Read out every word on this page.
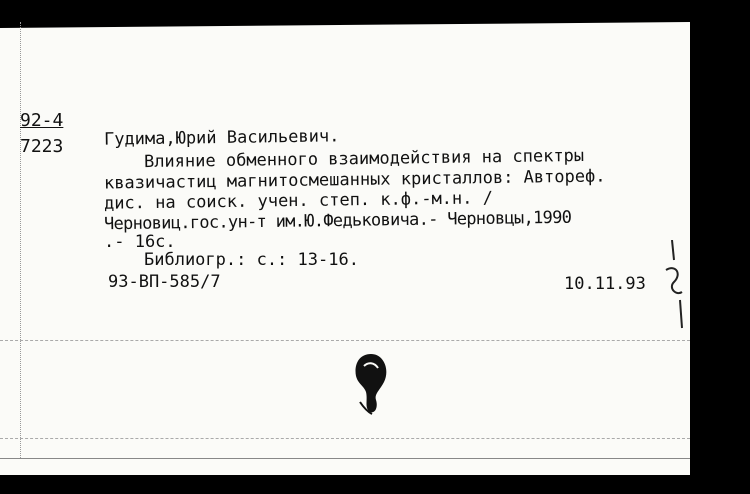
92-4
7223 Гудима,Юрий Васильевич.
Влияние обменного взаимодействия на спектры
квазичастиц магнитосмешанных кристаллов: Автореф.
дис. на соиск. учен. степ. к.ф.-м.н. /
Черновиц.гос.ун-т им.Ю.Федьковича.- Черновцы,1990
.- 16с.
Библиогр.: с.: 13-16.
93-ВП-585/7	10.11.93
